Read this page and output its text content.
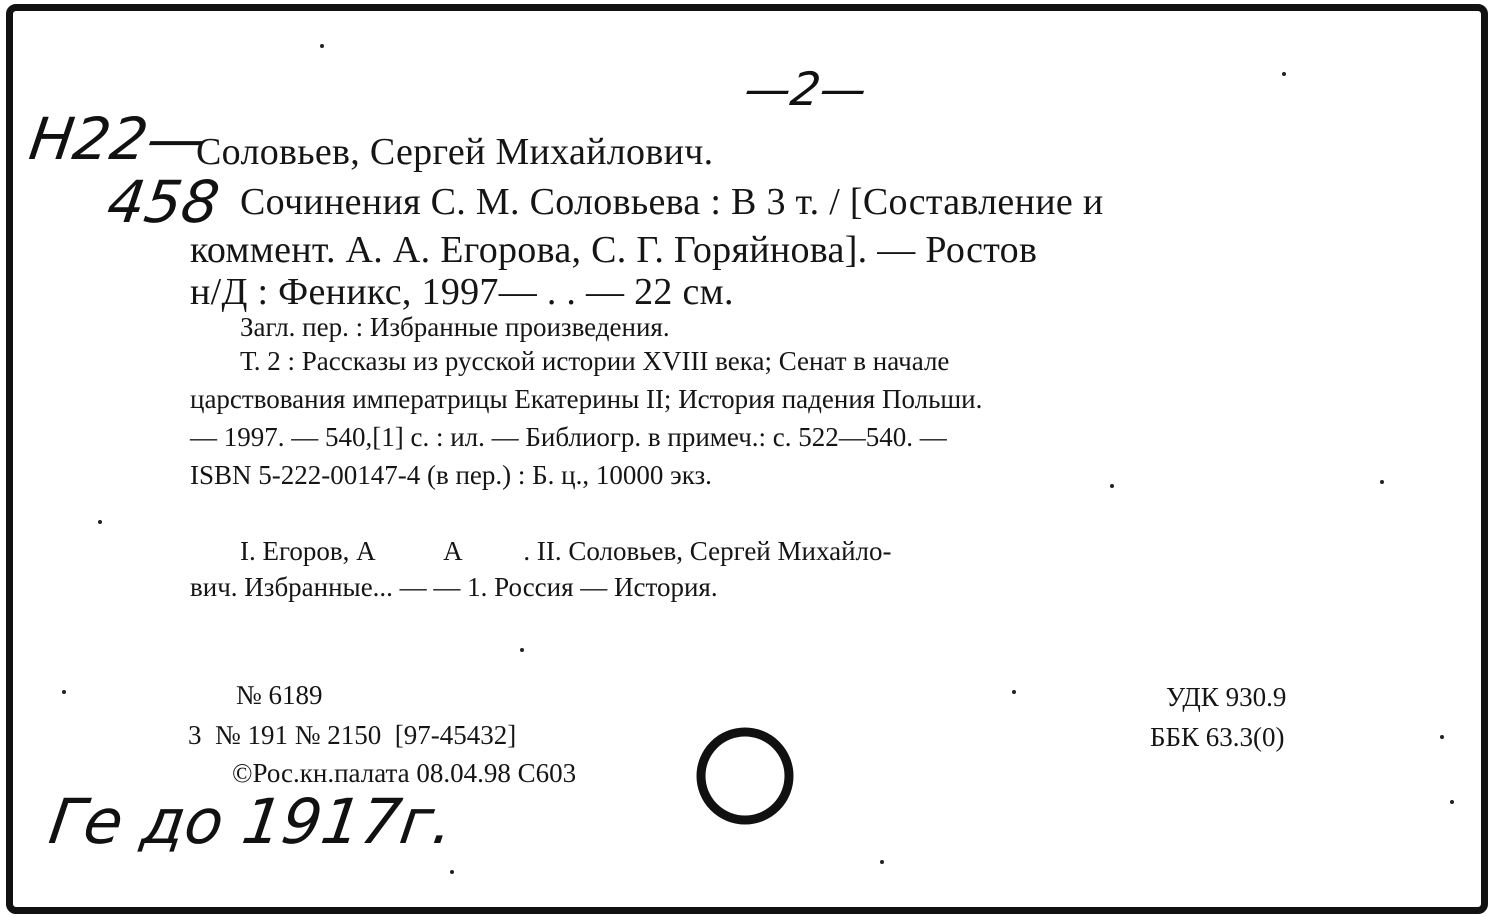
—2—
Н22—
458
Соловьев, Сергей Михайлович.
Сочинения С. М. Соловьева : В 3 т. / [Составление и
коммент. А. А. Егорова, С. Г. Горяйнова]. — Ростов
н/Д : Феникс, 1997— . . — 22 см.
Загл. пер. : Избранные произведения.
Т. 2 : Рассказы из русской истории XVIII века; Сенат в начале
царствования императрицы Екатерины II; История падения Польши.
— 1997. — 540,[1] с. : ил. — Библиогр. в примеч.: с. 522—540. —
ISBN 5-222-00147-4 (в пер.) : Б. ц., 10000 экз.
I. Егоров, А          А         . II. Соловьев, Сергей Михайло-
вич. Избранные... — — 1. Россия — История.
№ 6189
3  № 191 № 2150  [97-45432]
©Рос.кн.палата 08.04.98 С603
УДК 930.9
ББК 63.3(0)
Ге до 1917г.
